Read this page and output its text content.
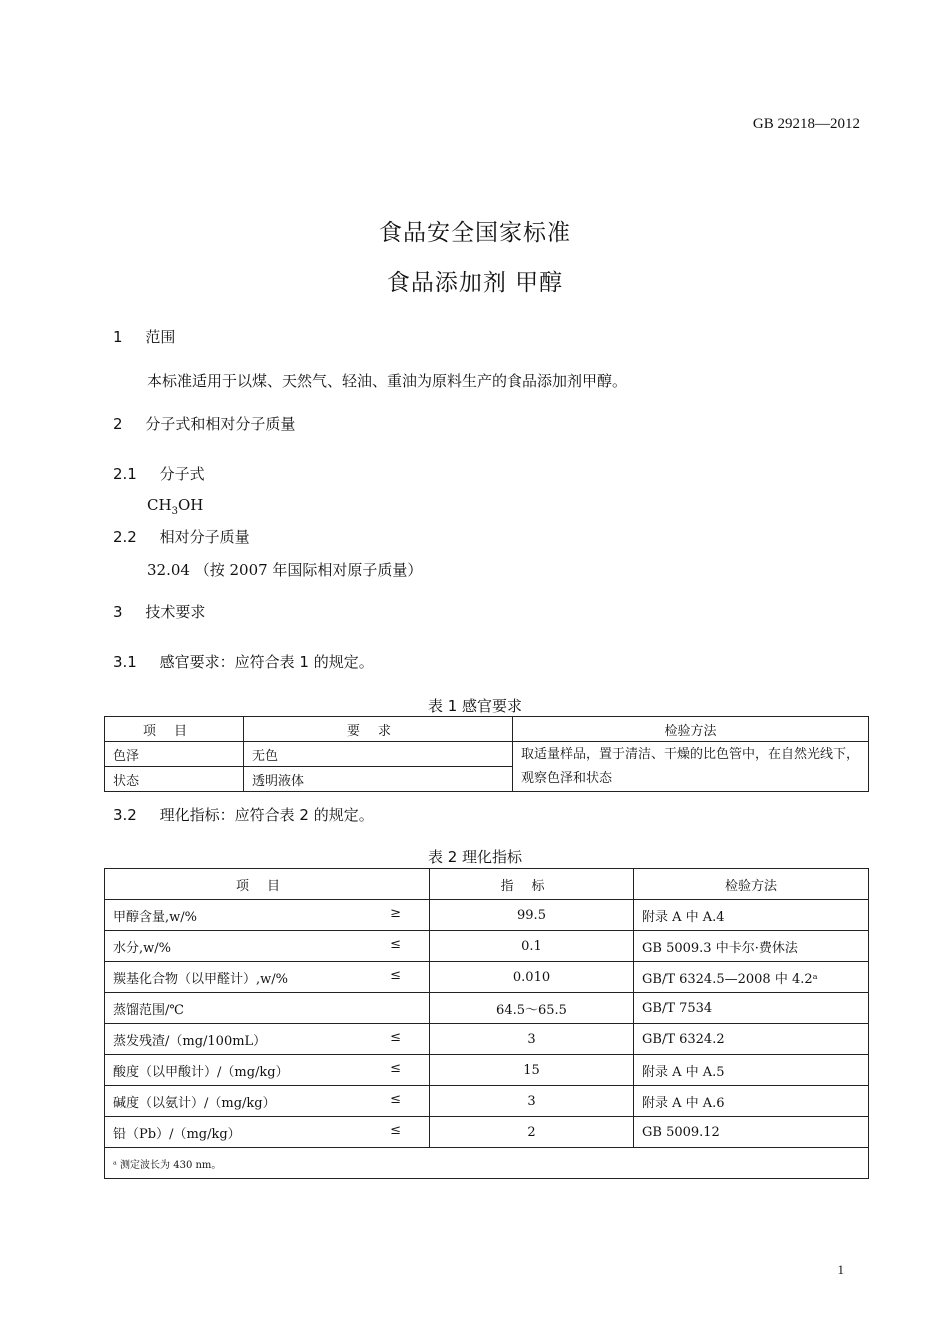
GB 29218—2012
食品安全国家标准
食品添加剂 甲醇
1 范围
本标准适用于以煤、天然气、轻油、重油为原料生产的食品添加剂甲醇。
2 分子式和相对分子质量
2.1 分子式
$CH_3OH$
2.2 相对分子质量
32.04 （按 2007 年国际相对原子质量）
3 技术要求
3.1 感官要求：应符合表 1 的规定。
表 1 感官要求
项目	要求	检验方法
色泽	无色	取适量样品，置于清洁、干燥的比色管中，在自然光线下，观察色泽和状态
状态	透明液体	
3.2 理化指标：应符合表 2 的规定。
表 2 理化指标
项目	指标	检验方法
甲醇含量,w/% ≥	99.5	附录 A 中 A.4
水分,w/% ≤	0.1	GB 5009.3 中卡尔·费休法
羰基化合物（以甲醛计）,w/% ≤	0.010	GB/T 6324.5—2008 中 4.2ᵃ
蒸馏范围/℃	64.5～65.5	GB/T 7534
蒸发残渣/（mg/100mL） ≤	3	GB/T 6324.2
酸度（以甲酸计）/（mg/kg） ≤	15	附录 A 中 A.5
碱度（以氨计）/（mg/kg） ≤	3	附录 A 中 A.6
铅（Pb）/（mg/kg） ≤	2	GB 5009.12
ᵃ 测定波长为 430 nm。		
1
